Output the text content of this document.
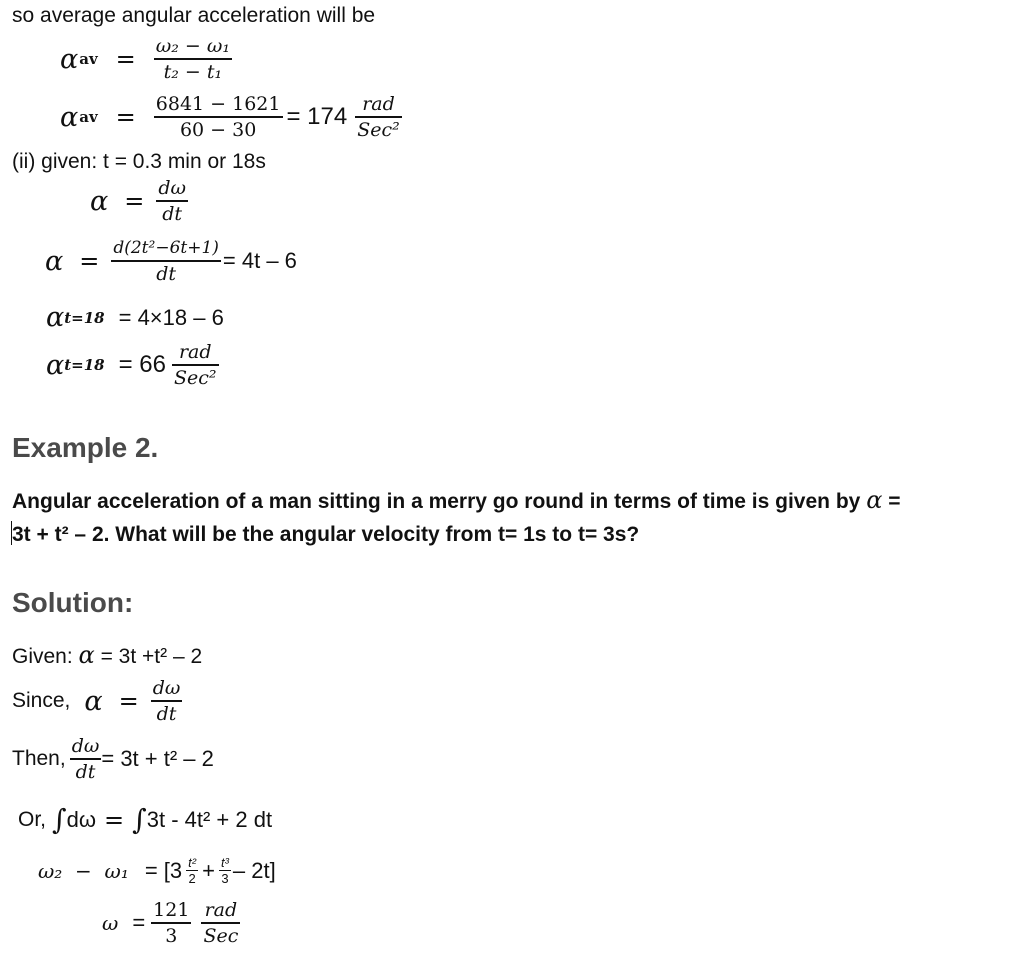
so average angular acceleration will be
α av = $\frac{\text{ω₂ − ω₁}}{\text{t₂ − t₁}}$
α av = $\frac{6841 - 1621}{60 - 30} = 174 \frac{\text{rad}}{\text{Sec²}}$
(ii) given: t = 0.3 min or 18s
$\alpha = \frac{d\omega}{dt}$
$\alpha = \frac{\text{d(2t²−6t+1)}}{dt} = 4t - 6$
α t=18 = 4×18 – 6
α $t=18 = 66 \frac{\text{rad}}{\text{Sec²}}$
Example 2.
Angular acceleration of a man sitting in a merry go round in terms of time is given by α =
3t + t² – 2. What will be the angular velocity from t= 1s to t= 3s?
Solution:
Given: α = 3t +t² – 2
Since, $\alpha = \frac{d\omega}{dt}$
Then, $\frac{d\omega}{dt} = 3t + t^2 - 2$
Or, ∫ dω = ∫ 3t - 4t² + 2 dt
$\omega_2 - \omega_1 = [3 \frac{\text{t²}}{2} + \frac{\text{t³}}{3} - 2t]$
$\omega = \frac{121}{3} \frac{\text{rad}}{\text{Sec}}$
